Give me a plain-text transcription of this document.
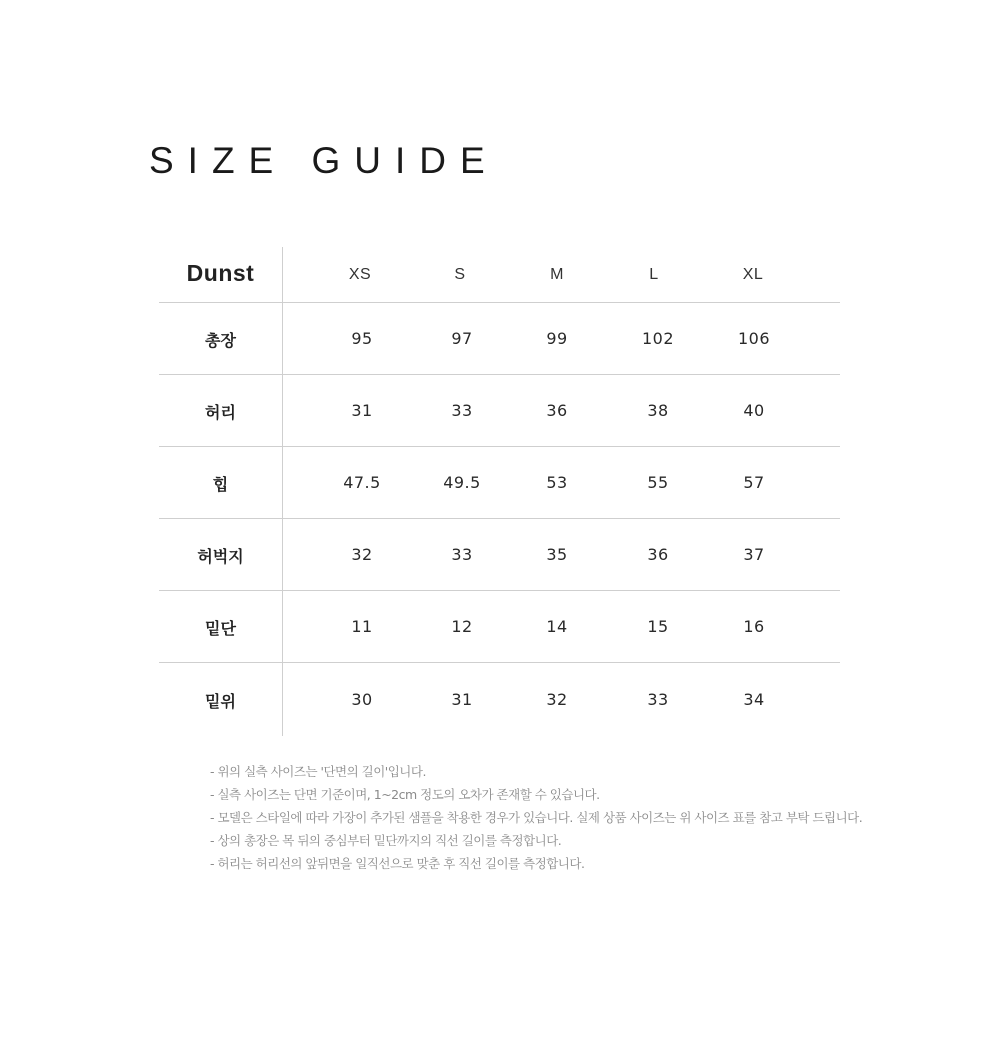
SIZE GUIDE
Dunst	XS	S	M	L	XL
총장	95	97	99	102	106
허리	31	33	36	38	40
힙	47.5	49.5	53	55	57
허벅지	32	33	35	36	37
밑단	11	12	14	15	16
밑위	30	31	32	33	34
- 위의 실측 사이즈는 '단면의 길이'입니다.
- 실측 사이즈는 단면 기준이며, 1~2cm 정도의 오차가 존재할 수 있습니다.
- 모델은 스타일에 따라 가장이 추가된 샘플을 착용한 경우가 있습니다. 실제 상품 사이즈는 위 사이즈 표를 참고 부탁 드립니다.
- 상의 총장은 목 뒤의 중심부터 밑단까지의 직선 길이를 측정합니다.
- 허리는 허리선의 앞뒤면을 일직선으로 맞춘 후 직선 길이를 측정합니다.
